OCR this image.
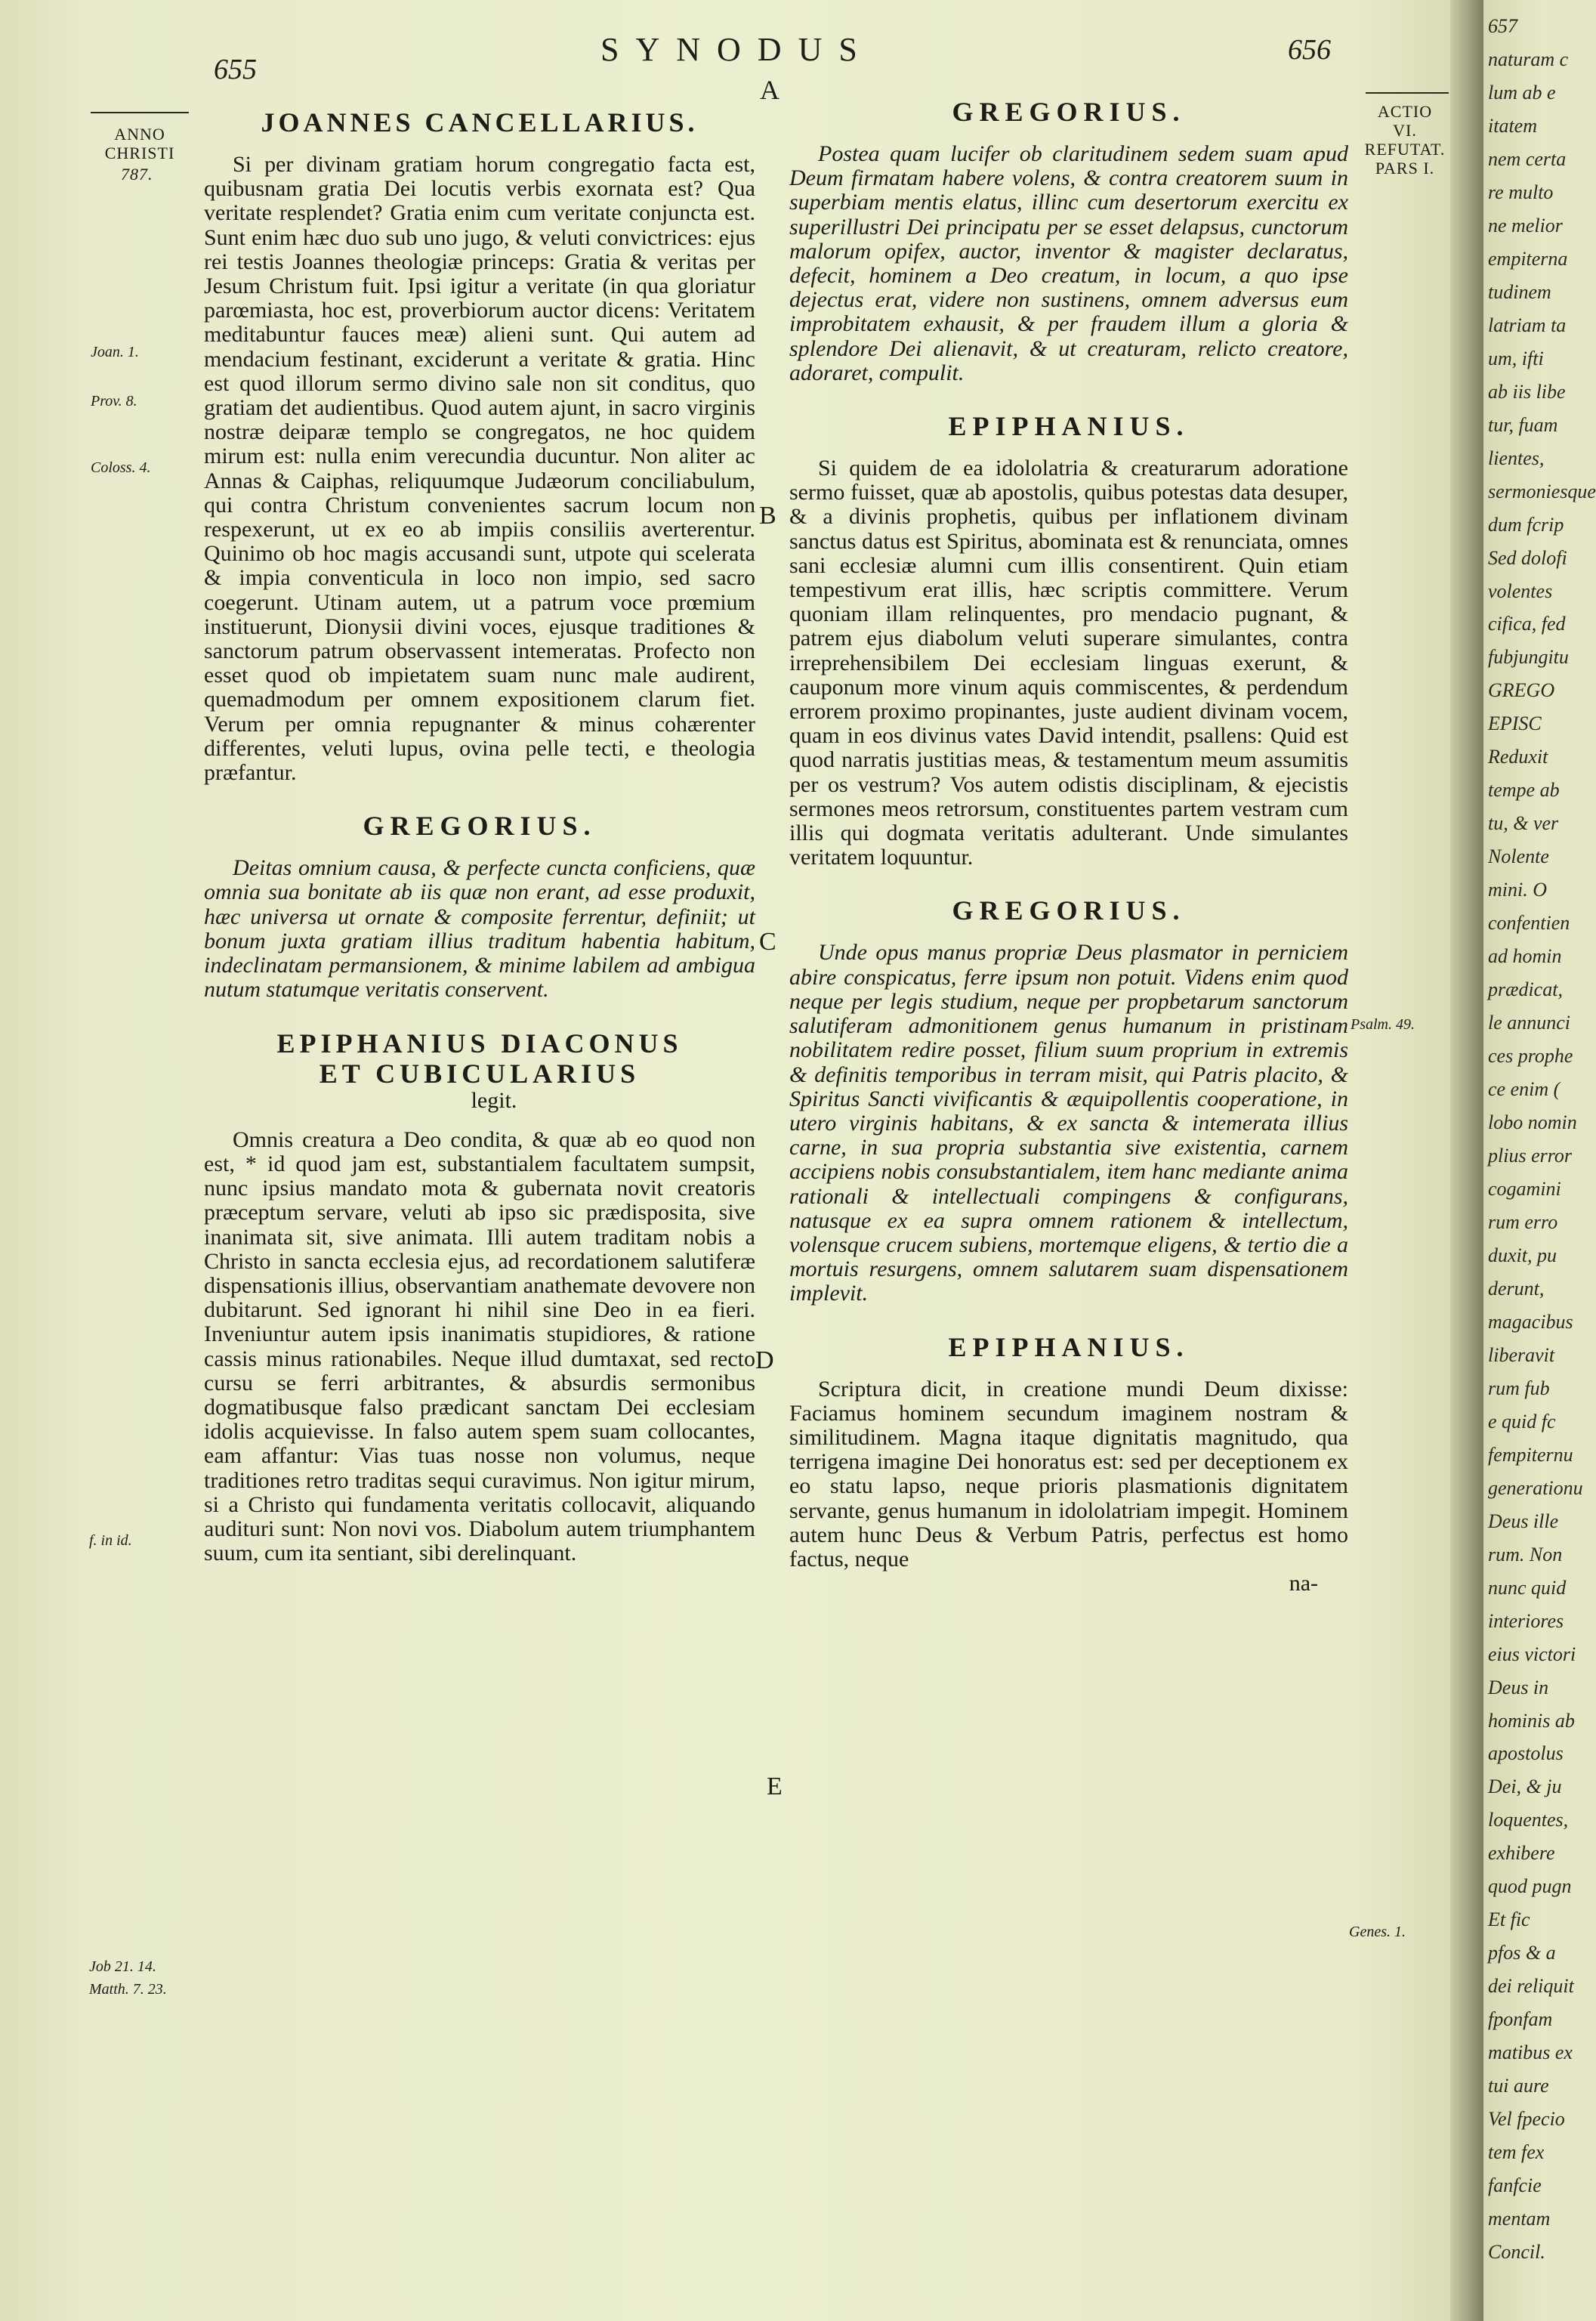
657
naturam c
lum ab e
itatem
nem certa
re multo
ne melior
empiterna
tudinem
latriam ta
um, ifti
ab iis libe
tur, fuam
lientes,
sermoniesque
dum fcrip
Sed dolofi
volentes
cifica, fed
fubjungitu
GREGO
EPISC
Reduxit
tempe ab
tu, & ver
Nolente
mini. O
confentien
ad homin
prædicat,
le annunci
ces prophe
ce enim (
lobo nomin
plius error
cogamini
rum erro
duxit, pu
derunt,
magacibus
liberavit
rum fub
e quid fc
fempiternu
generationu
Deus ille
rum. Non
nunc quid
interiores
eius victori
Deus in
hominis ab
apostolus
Dei, & ju
loquentes,
exhibere
quod pugn
Et fic
pfos & a
dei reliquit
fponfam
matibus ex
tui aure
Vel fpecio
tem fex
fanfcie
mentam
Concil.
655
SYNODUS
A
656
ANNO
CHRISTI
787.
Joan. 1.
Prov. 8.
Coloss. 4.
f. in id.
Job 21. 14.
Matth. 7. 23.
ACTIO
VI.
REFUTAT.
PARS I.
Psalm. 49.
Genes. 1.
B
C
D
E
JOANNES CANCELLARIUS.

Si per divinam gratiam horum congregatio facta est, quibusnam gratia Dei locutis verbis exornata est? Qua veritate resplendet? Gratia enim cum veritate conjuncta est. Sunt enim hæc duo sub uno jugo, & veluti convictrices: ejus rei testis Joannes theologiæ princeps: Gratia & veritas per Jesum Christum fuit. Ipsi igitur a veritate (in qua gloriatur parœmiasta, hoc est, proverbiorum auctor dicens: Veritatem meditabuntur fauces meæ) alieni sunt. Qui autem ad mendacium festinant, exciderunt a veritate & gratia. Hinc est quod illorum sermo divino sale non sit conditus, quo gratiam det audientibus. Quod autem ajunt, in sacro virginis nostræ deiparæ templo se congregatos, ne hoc quidem mirum est: nulla enim verecundia ducuntur. Non aliter ac Annas & Caiphas, reliquumque Judæorum conciliabulum, qui contra Christum convenientes sacrum locum non respexerunt, ut ex eo ab impiis consiliis averterentur. Quinimo ob hoc magis accusandi sunt, utpote qui scelerata & impia conventicula in loco non impio, sed sacro coegerunt. Utinam autem, ut a patrum voce prœmium instituerunt, Dionysii divini voces, ejusque traditiones & sanctorum patrum observassent intemeratas. Profecto non esset quod ob impietatem suam nunc male audirent, quemadmodum per omnem expositionem clarum fiet. Verum per omnia repugnanter & minus cohærenter differentes, veluti lupus, ovina pelle tecti, e theologia præfantur.

GREGORIUS.

Deitas omnium causa, & perfecte cuncta conficiens, quæ omnia sua bonitate ab iis quæ non erant, ad esse produxit, hæc universa ut ornate & composite ferrentur, definiit; ut bonum juxta gratiam illius traditum habentia habitum, indeclinatam permansionem, & minime labilem ad ambigua nutum statumque veritatis conservent.

EPIPHANIUS DIACONUS
ET CUBICULARIUS

legit.

Omnis creatura a Deo condita, & quæ ab eo quod non est, * id quod jam est, substantialem facultatem sumpsit, nunc ipsius mandato mota & gubernata novit creatoris præceptum servare, veluti ab ipso sic prædisposita, sive inanimata sit, sive animata. Illi autem traditam nobis a Christo in sancta ecclesia ejus, ad recordationem salutiferæ dispensationis illius, observantiam anathemate devovere non dubitarunt. Sed ignorant hi nihil sine Deo in ea fieri. Inveniuntur autem ipsis inanimatis stupidiores, & ratione cassis minus rationabiles. Neque illud dumtaxat, sed recto cursu se ferri arbitrantes, & absurdis sermonibus dogmatibusque falso prædicant sanctam Dei ecclesiam idolis acquievisse. In falso autem spem suam collocantes, eam affantur: Vias tuas nosse non volumus, neque traditiones retro traditas sequi curavimus. Non igitur mirum, si a Christo qui fundamenta veritatis collocavit, aliquando audituri sunt: Non novi vos. Diabolum autem triumphantem suum, cum ita sentiant, sibi derelinquant.

GREGORIUS.

Postea quam lucifer ob claritudinem sedem suam apud Deum firmatam habere volens, & contra creatorem suum in superbiam mentis elatus, illinc cum desertorum exercitu ex superillustri Dei principatu per se esset delapsus, cunctorum malorum opifex, auctor, inventor & magister declaratus, defecit, hominem a Deo creatum, in locum, a quo ipse dejectus erat, videre non sustinens, omnem adversus eum improbitatem exhausit, & per fraudem illum a gloria & splendore Dei alienavit, & ut creaturam, relicto creatore, adoraret, compulit.

EPIPHANIUS.

Si quidem de ea idololatria & creaturarum adoratione sermo fuisset, quæ ab apostolis, quibus potestas data desuper, & a divinis prophetis, quibus per inflationem divinam sanctus datus est Spiritus, abominata est & renunciata, omnes sani ecclesiæ alumni cum illis consentirent. Quin etiam tempestivum erat illis, hæc scriptis committere. Verum quoniam illam relinquentes, pro mendacio pugnant, & patrem ejus diabolum veluti superare simulantes, contra irreprehensibilem Dei ecclesiam linguas exerunt, & cauponum more vinum aquis commiscentes, & perdendum errorem proximo propinantes, juste audient divinam vocem, quam in eos divinus vates David intendit, psallens: Quid est quod narratis justitias meas, & testamentum meum assumitis per os vestrum? Vos autem odistis disciplinam, & ejecistis sermones meos retrorsum, constituentes partem vestram cum illis qui dogmata veritatis adulterant. Unde simulantes veritatem loquuntur.

GREGORIUS.

Unde opus manus propriæ Deus plasmator in perniciem abire conspicatus, ferre ipsum non potuit. Videns enim quod neque per legis studium, neque per propbetarum sanctorum salutiferam admonitionem genus humanum in pristinam nobilitatem redire posset, filium suum proprium in extremis & definitis temporibus in terram misit, qui Patris placito, & Spiritus Sancti vivificantis & æquipollentis cooperatione, in utero virginis habitans, & ex sancta & intemerata illius carne, in sua propria substantia sive existentia, carnem accipiens nobis consubstantialem, item hanc mediante anima rationali & intellectuali compingens & configurans, natusque ex ea supra omnem rationem & intellectum, volensque crucem subiens, mortemque eligens, & tertio die a mortuis resurgens, omnem salutarem suam dispensationem implevit.

EPIPHANIUS.

Scriptura dicit, in creatione mundi Deum dixisse: Faciamus hominem secundum imaginem nostram & similitudinem. Magna itaque dignitatis magnitudo, qua terrigena imagine Dei honoratus est: sed per deceptionem ex eo statu lapso, neque prioris plasmationis dignitatem servante, genus humanum in idololatriam impegit. Hominem autem hunc Deus & Verbum Patris, perfectus est homo factus, neque

na-
